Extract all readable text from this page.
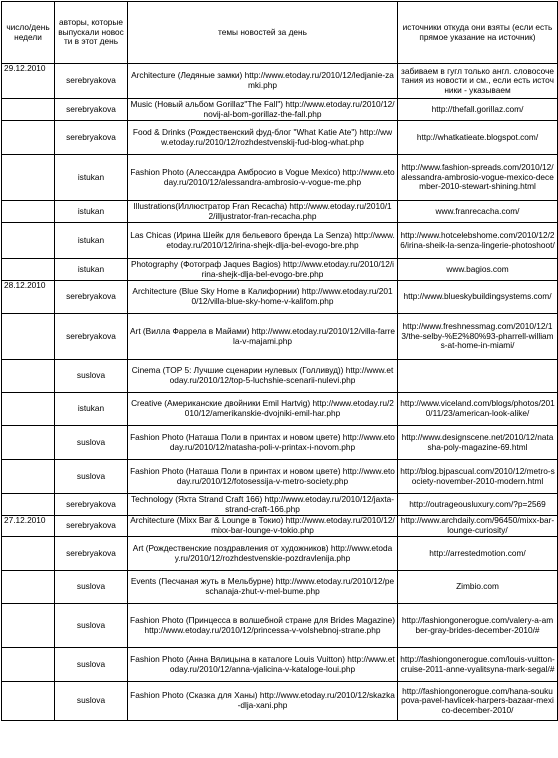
число/день недели	авторы, которые выпускали новости в этот день	темы новостей за день	источники откуда они взяты (если есть прямое указание на источник)
29.12.2010	serebryakova	Architecture (Ледяные замки) http://www.etoday.ru/2010/12/ledjanie-zamki.php	забиваем в гугл только англ. словосочетания из новости и см., если есть источники - указываем
	serebryakova	Music (Новый альбом Gorillaz"The Fall") http://www.etoday.ru/2010/12/novij-al-bom-gorillaz-the-fall.php	http://thefall.gorillaz.com/
	serebryakova	Food & Drinks (Рождественский фуд-блог "What Katie Ate") http://www.etoday.ru/2010/12/rozhdestvenskij-fud-blog-what.php	http://whatkatieate.blogspot.com/
	istukan	Fashion Photo (Алессандра Амбросио в Vogue Mexico) http://www.etoday.ru/2010/12/alessandra-ambrosio-v-vogue-me.php	http://www.fashion-spreads.com/2010/12/alessandra-ambrosio-vogue-mexico-december-2010-stewart-shining.html
	istukan	Illustrations(Иллюстратор Fran Recacha) http://www.etoday.ru/2010/12/illjustrator-fran-recacha.php	www.franrecacha.com/
	istukan	Las Chicas (Ирина Шейк для бельевого бренда La Senza) http://www.etoday.ru/2010/12/irina-shejk-dlja-bel-evogo-bre.php	http://www.hotcelebshome.com/2010/12/26/irina-sheik-la-senza-lingerie-photoshoot/
	istukan	Photography (Фотограф Jaques Bagios) http://www.etoday.ru/2010/12/irina-shejk-dlja-bel-evogo-bre.php	www.bagios.com
28.12.2010	serebryakova	Architecture (Blue Sky Home в Калифорнии) http://www.etoday.ru/2010/12/villa-blue-sky-home-v-kalifom.php	http://www.blueskybuildingsystems.com/
	serebryakova	Art (Вилла Фаррела в Майами) http://www.etoday.ru/2010/12/villa-farrela-v-majami.php	http://www.freshnessmag.com/2010/12/13/the-selby-%E2%80%93-pharrell-williams-at-home-in-miami/
	suslova	Cinema (TOP 5: Лучшие сценарии нулевых (Голливуд)) http://www.etoday.ru/2010/12/top-5-luchshie-scenarii-nulevi.php	
	istukan	Creative (Американские двойники Emil Hartvig) http://www.etoday.ru/2010/12/amerikanskie-dvojniki-emil-har.php	http://www.viceland.com/blogs/photos/2010/11/23/american-look-alike/
	suslova	Fashion Photo (Наташа Поли в принтах и новом цвете) http://www.etoday.ru/2010/12/natasha-poli-v-printax-i-novom.php	http://www.designscene.net/2010/12/natasha-poly-magazine-69.html
	suslova	Fashion Photo (Наташа Поли в принтах и новом цвете) http://www.etoday.ru/2010/12/fotosessija-v-metro-society.php	http://blog.bjpascual.com/2010/12/metro-society-november-2010-modern.html
	serebryakova	Technology (Яхта Strand Craft 166) http://www.etoday.ru/2010/12/jaxta-strand-craft-166.php	http://outrageousluxury.com/?p=2569
27.12.2010	serebryakova	Architecture (Mixx Bar & Lounge в Токио) http://www.etoday.ru/2010/12/mixx-bar-lounge-v-tokio.php	http://www.archdaily.com/96450/mixx-bar-lounge-curiosity/
	serebryakova	Art (Рождественские поздравления от художников) http://www.etoday.ru/2010/12/rozhdestvenskie-pozdravlenija.php	http://arrestedmotion.com/
	suslova	Events (Песчаная жуть в Мельбурне) http://www.etoday.ru/2010/12/peschanaja-zhut-v-mel-bume.php	Zimbio.com
	suslova	Fashion Photo (Принцесса в волшебной стране для Brides Magazine) http://www.etoday.ru/2010/12/princessa-v-volshebnoj-strane.php	http://fashiongonerogue.com/valery-a-amber-gray-brides-december-2010/#
	suslova	Fashion Photo (Анна Вялицына в каталоге Louis Vuitton) http://www.etoday.ru/2010/12/anna-vjalicina-v-kataloge-loui.php	http://fashiongonerogue.com/louis-vuitton-cruise-2011-anne-vyalitsyna-mark-segal/#
	suslova	Fashion Photo (Сказка для Ханы) http://www.etoday.ru/2010/12/skazka-dlja-xani.php	http://fashiongonerogue.com/hana-soukupova-pavel-havlicek-harpers-bazaar-mexico-december-2010/
